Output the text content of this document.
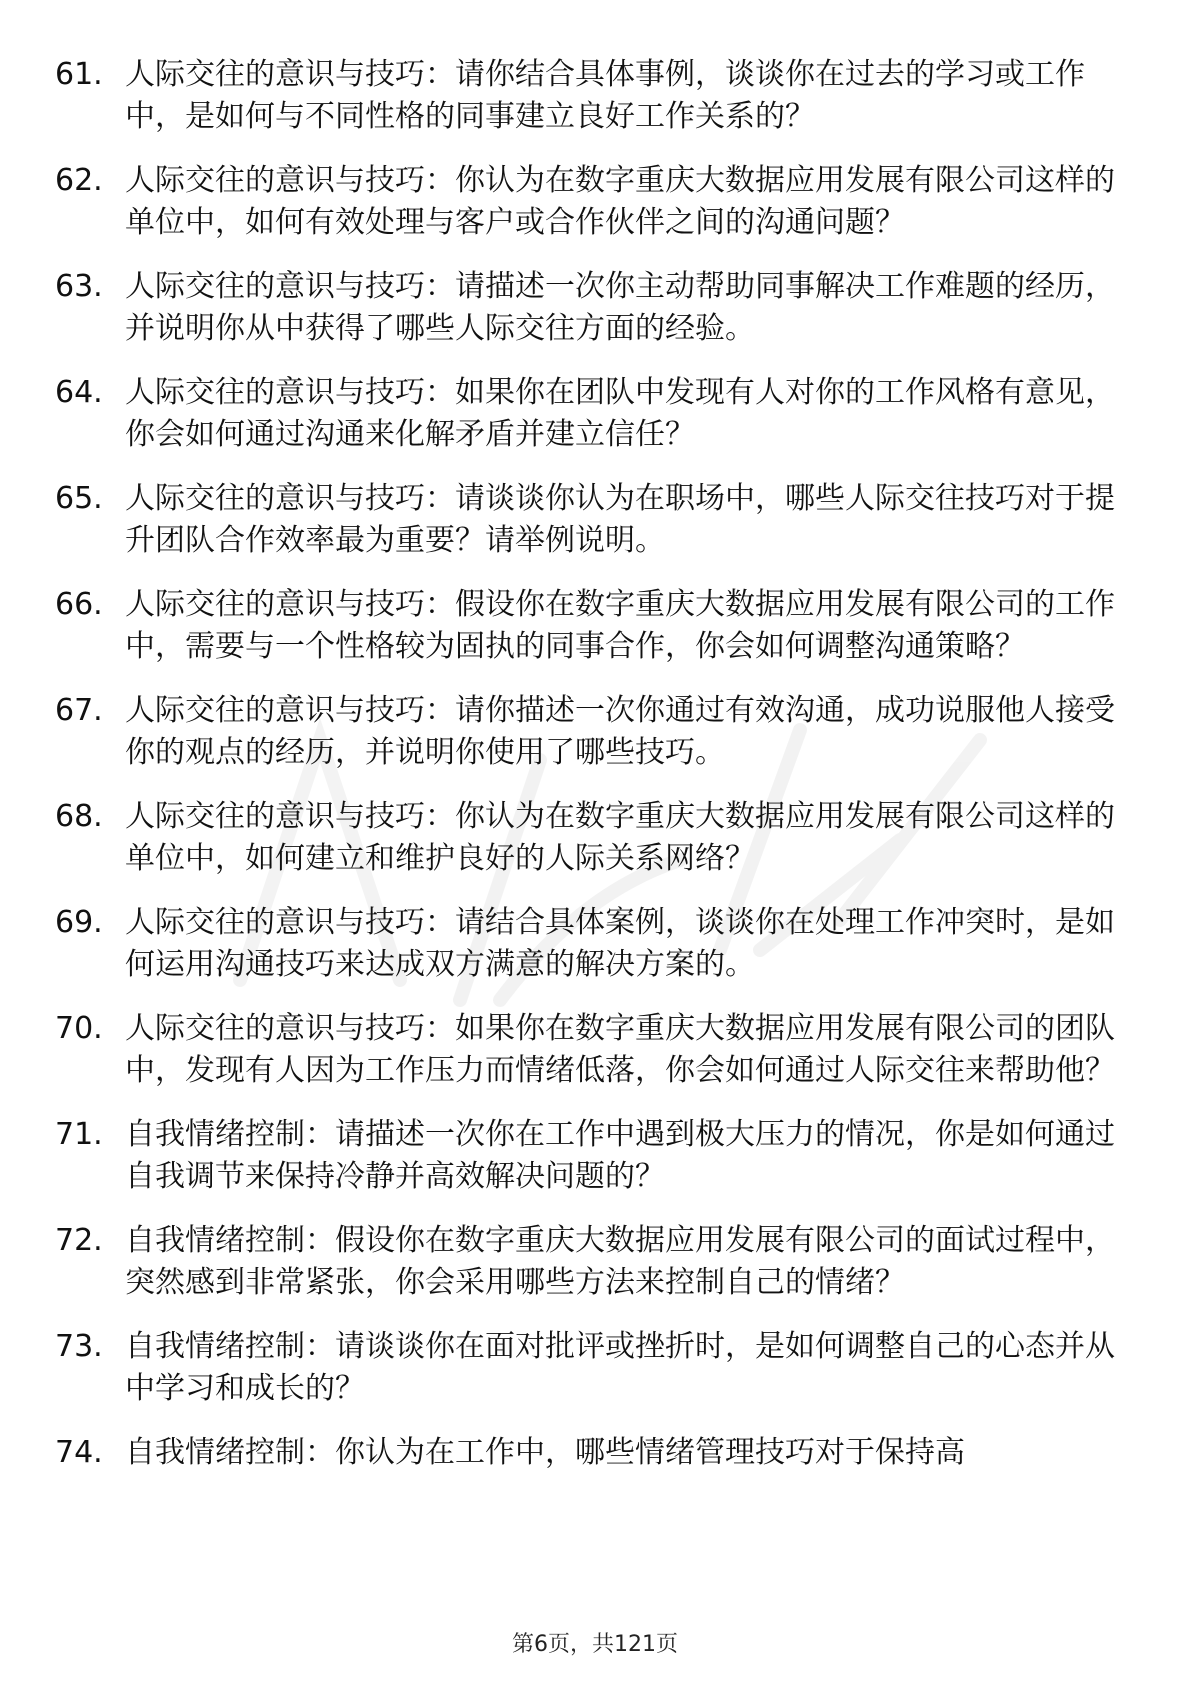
61. 人际交往的意识与技巧：请你结合具体事例，谈谈你在过去的学习或工作中，是如何与不同性格的同事建立良好工作关系的？
62. 人际交往的意识与技巧：你认为在数字重庆大数据应用发展有限公司这样的单位中，如何有效处理与客户或合作伙伴之间的沟通问题？
63. 人际交往的意识与技巧：请描述一次你主动帮助同事解决工作难题的经历，并说明你从中获得了哪些人际交往方面的经验。
64. 人际交往的意识与技巧：如果你在团队中发现有人对你的工作风格有意见，你会如何通过沟通来化解矛盾并建立信任？
65. 人际交往的意识与技巧：请谈谈你认为在职场中，哪些人际交往技巧对于提升团队合作效率最为重要？请举例说明。
66. 人际交往的意识与技巧：假设你在数字重庆大数据应用发展有限公司的工作中，需要与一个性格较为固执的同事合作，你会如何调整沟通策略？
67. 人际交往的意识与技巧：请你描述一次你通过有效沟通，成功说服他人接受你的观点的经历，并说明你使用了哪些技巧。
68. 人际交往的意识与技巧：你认为在数字重庆大数据应用发展有限公司这样的单位中，如何建立和维护良好的人际关系网络？
69. 人际交往的意识与技巧：请结合具体案例，谈谈你在处理工作冲突时，是如何运用沟通技巧来达成双方满意的解决方案的。
70. 人际交往的意识与技巧：如果你在数字重庆大数据应用发展有限公司的团队中，发现有人因为工作压力而情绪低落，你会如何通过人际交往来帮助他？
71. 自我情绪控制：请描述一次你在工作中遇到极大压力的情况，你是如何通过自我调节来保持冷静并高效解决问题的？
72. 自我情绪控制：假设你在数字重庆大数据应用发展有限公司的面试过程中，突然感到非常紧张，你会采用哪些方法来控制自己的情绪？
73. 自我情绪控制：请谈谈你在面对批评或挫折时，是如何调整自己的心态并从中学习和成长的？
74. 自我情绪控制：你认为在工作中，哪些情绪管理技巧对于保持高
第6页，共121页
